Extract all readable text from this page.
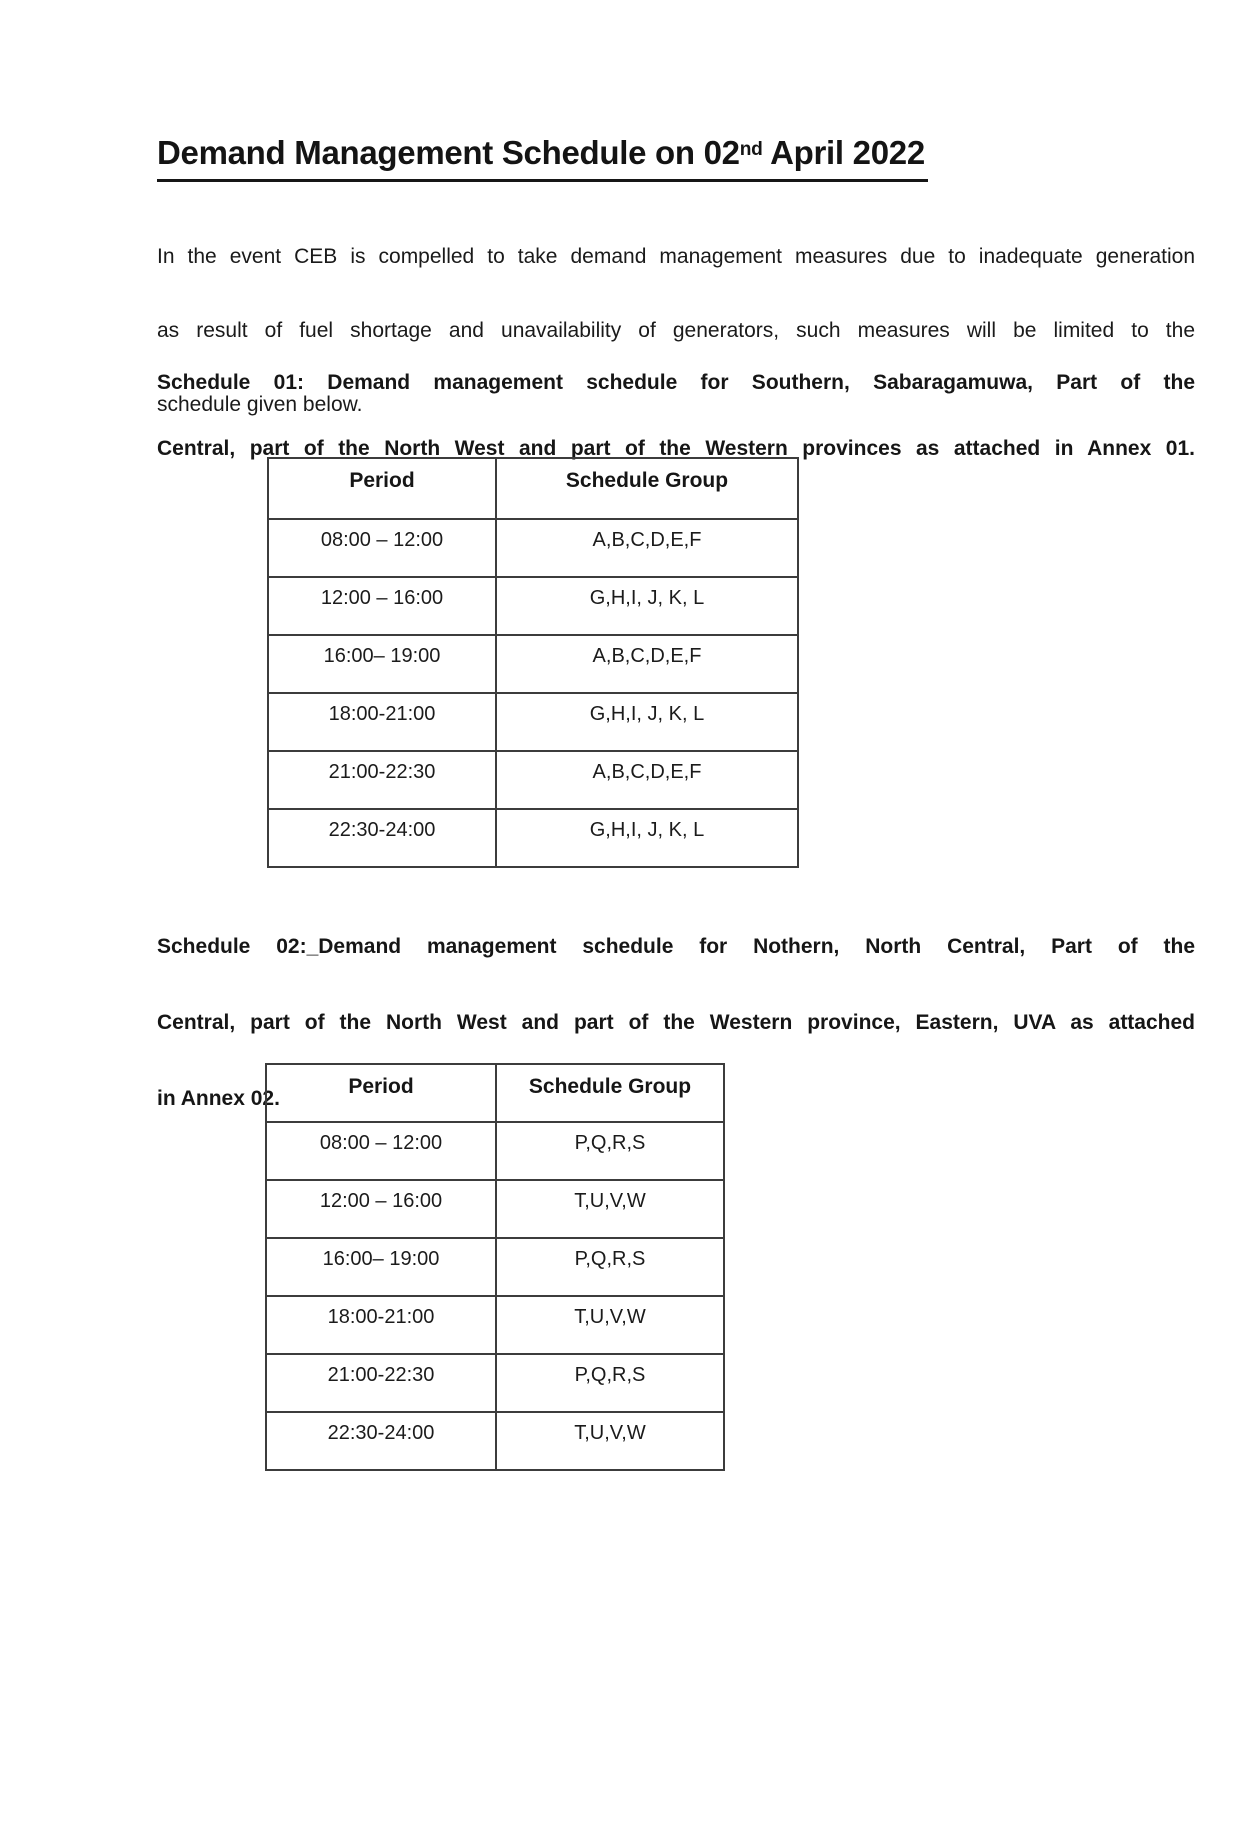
Demand Management Schedule on 02nd April 2022
In the event CEB is compelled to take demand management measures due to inadequate generation
as result of fuel shortage and unavailability of generators, such measures will be limited to the
schedule given below.
Schedule 01: Demand management schedule for Southern, Sabaragamuwa, Part of the
Central, part of the North West and part of the Western provinces as attached in Annex 01.
Period	Schedule Group
08:00 – 12:00	A,B,C,D,E,F
12:00 – 16:00	G,H,I, J, K, L
16:00– 19:00	A,B,C,D,E,F
18:00-21:00	G,H,I, J, K, L
21:00-22:30	A,B,C,D,E,F
22:30-24:00	G,H,I, J, K, L
Schedule 02:_Demand management schedule for Nothern, North Central, Part of the
Central, part of the North West and part of the Western province, Eastern, UVA as attached
in Annex 02.
Period	Schedule Group
08:00 – 12:00	P,Q,R,S
12:00 – 16:00	T,U,V,W
16:00– 19:00	P,Q,R,S
18:00-21:00	T,U,V,W
21:00-22:30	P,Q,R,S
22:30-24:00	T,U,V,W
